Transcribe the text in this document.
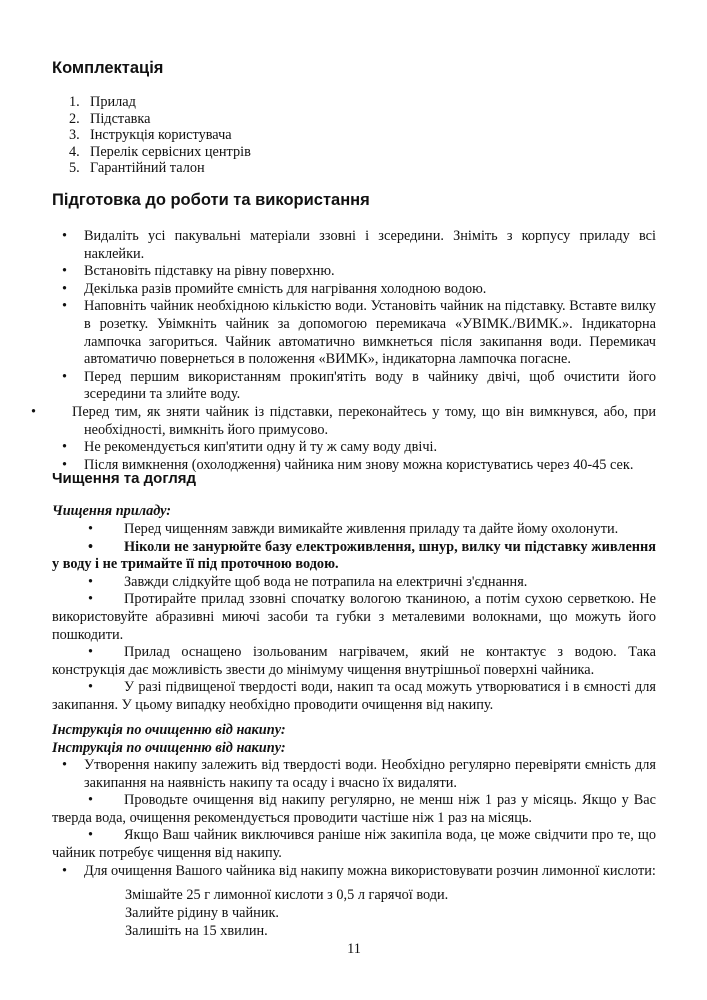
Комплектація
1. Прилад
2. Підставка
3. Інструкція користувача
4. Перелік сервісних центрів
5. Гарантійний талон
Підготовка до роботи та використання
• Видаліть усі пакувальні матеріали ззовні і зсередини. Зніміть з корпусу приладу всі наклейки.
• Встановіть підставку на рівну поверхню.
• Декілька разів промийте ємність для нагрівання холодною водою.
• Наповніть чайник необхідною кількістю води. Установіть чайник на підставку. Вставте вилку в розетку. Увімкніть чайник за допомогою перемикача «УВІМК./ВИМК.». Індикаторна лампочка загориться. Чайник автоматично вимкнеться після закипання води. Перемикач автоматичю повернеться в положення «ВИМК», індикаторна лампочка погасне.
• Перед першим використанням прокип'ятіть воду в чайнику двічі, щоб очистити його зсередини та злийте воду.
•	Перед тим, як зняти чайник із підставки, переконайтесь у тому, що він вимкнувся, або, при необхідності, вимкніть його примусово.
• Не рекомендується кип'ятити одну й ту ж саму воду двічі.
• Після вимкнення (охолодження) чайника ним знову можна користуватись через 40-45 сек.
Чищення та догляд
Чищення приладу:

• Перед чищенням завжди вимикайте живлення приладу та дайте йому охолонути.

• Ніколи не занурюйте базу електроживлення, шнур, вилку чи підставку живлення у воду і не тримайте її під проточною водою.

• Завжди слідкуйте щоб вода не потрапила на електричні з'єднання.

• Протирайте прилад ззовні спочатку вологою тканиною, а потім сухою серветкою. Не використовуйте абразивні миючі засоби та губки з металевими волокнами, що можуть його пошкодити.

• Прилад оснащено ізольованим нагрівачем, який не контактує з водою. Така конструкція дає можливість звести до мінімуму чищення внутрішньої поверхні чайника.

• У разі підвищеної твердості води, накип та осад можуть утворюватися і в ємності для закипання. У цьому випадку необхідно проводити очищення від накипу.

Інструкція по очищенню від накипу:
Інструкція по очищенню від накипу:
• Утворення накипу залежить від твердості води. Необхідно регулярно перевіряти ємність для закипання на наявність накипу та осаду і вчасно їх видаляти.

• Проводьте очищення від накипу регулярно, не менш ніж 1 раз у місяць. Якщо у Вас тверда вода, очищення рекомендується проводити частіше ніж 1 раз на місяць.

• Якщо Ваш чайник виключився раніше ніж закипіла вода, це може свідчити про те, що чайник потребує чищення від накипу.

• Для очищення Вашого чайника від накипу можна використовувати розчин лимонної кислоти:
Змішайте 25 г лимонної кислоти з 0,5 л гарячої води.
Залийте рідину в чайник.
Залишіть на 15 хвилин.
11
